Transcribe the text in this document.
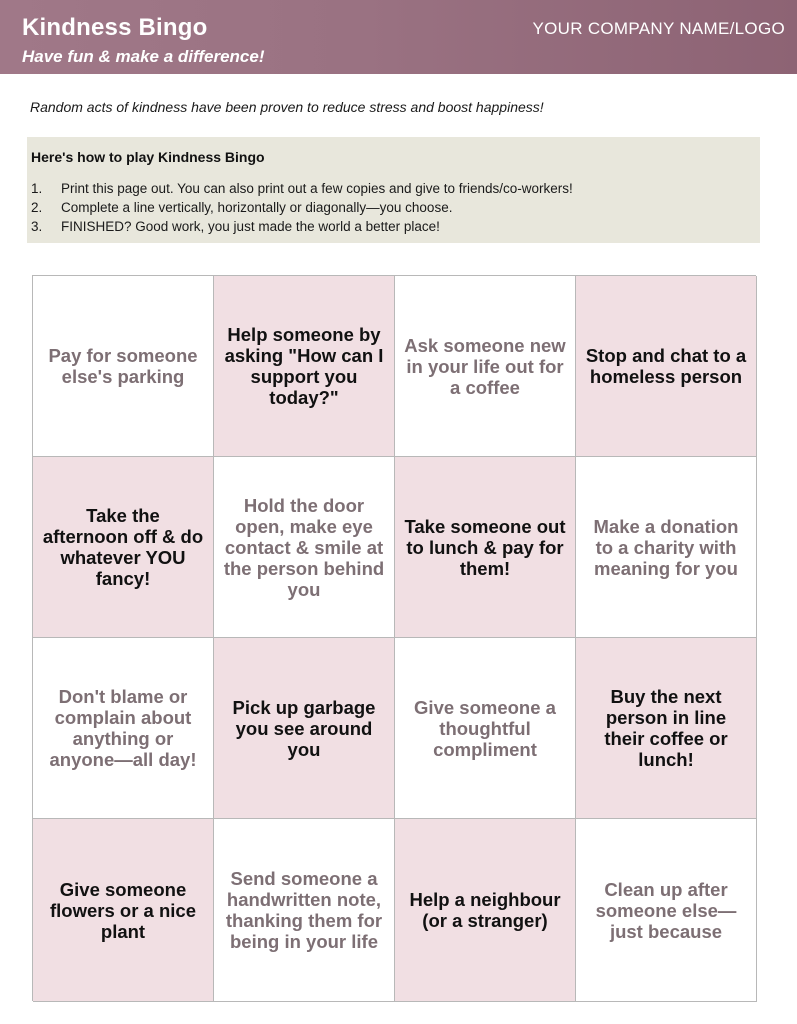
Kindness Bingo
Have fun & make a difference!
YOUR COMPANY NAME/LOGO
Random acts of kindness have been proven to reduce stress and boost happiness!
Here's how to play Kindness Bingo
1. Print this page out. You can also print out a few copies and give to friends/co-workers!
2. Complete a line vertically, horizontally or diagonally—you choose.
3. FINISHED? Good work, you just made the world a better place!
Pay for someone else's parking
Help someone by asking "How can I support you today?"
Ask someone new in your life out for a coffee
Stop and chat to a homeless person
Take the afternoon off & do whatever YOU fancy!
Hold the door open, make eye contact & smile at the person behind you
Take someone out to lunch & pay for them!
Make a donation to a charity with meaning for you
Don't blame or complain about anything or anyone—all day!
Pick up garbage you see around you
Give someone a thoughtful compliment
Buy the next person in line their coffee or lunch!
Give someone flowers or a nice plant
Send someone a handwritten note, thanking them for being in your life
Help a neighbour (or a stranger)
Clean up after someone else—just because
